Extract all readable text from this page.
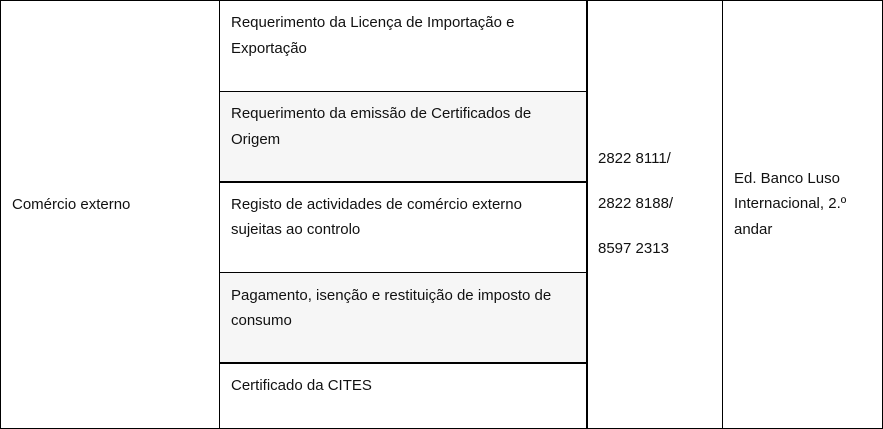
Comércio externo
Requerimento da Licença de Importação e
Exportação
Requerimento da emissão de Certificados de
Origem
Registo de actividades de comércio externo
sujeitas ao controlo
Pagamento, isenção e restituição de imposto de
consumo
Certificado da CITES
2822 8111/
2822 8188/
8597 2313
Ed. Banco Luso
Internacional, 2.º
andar
